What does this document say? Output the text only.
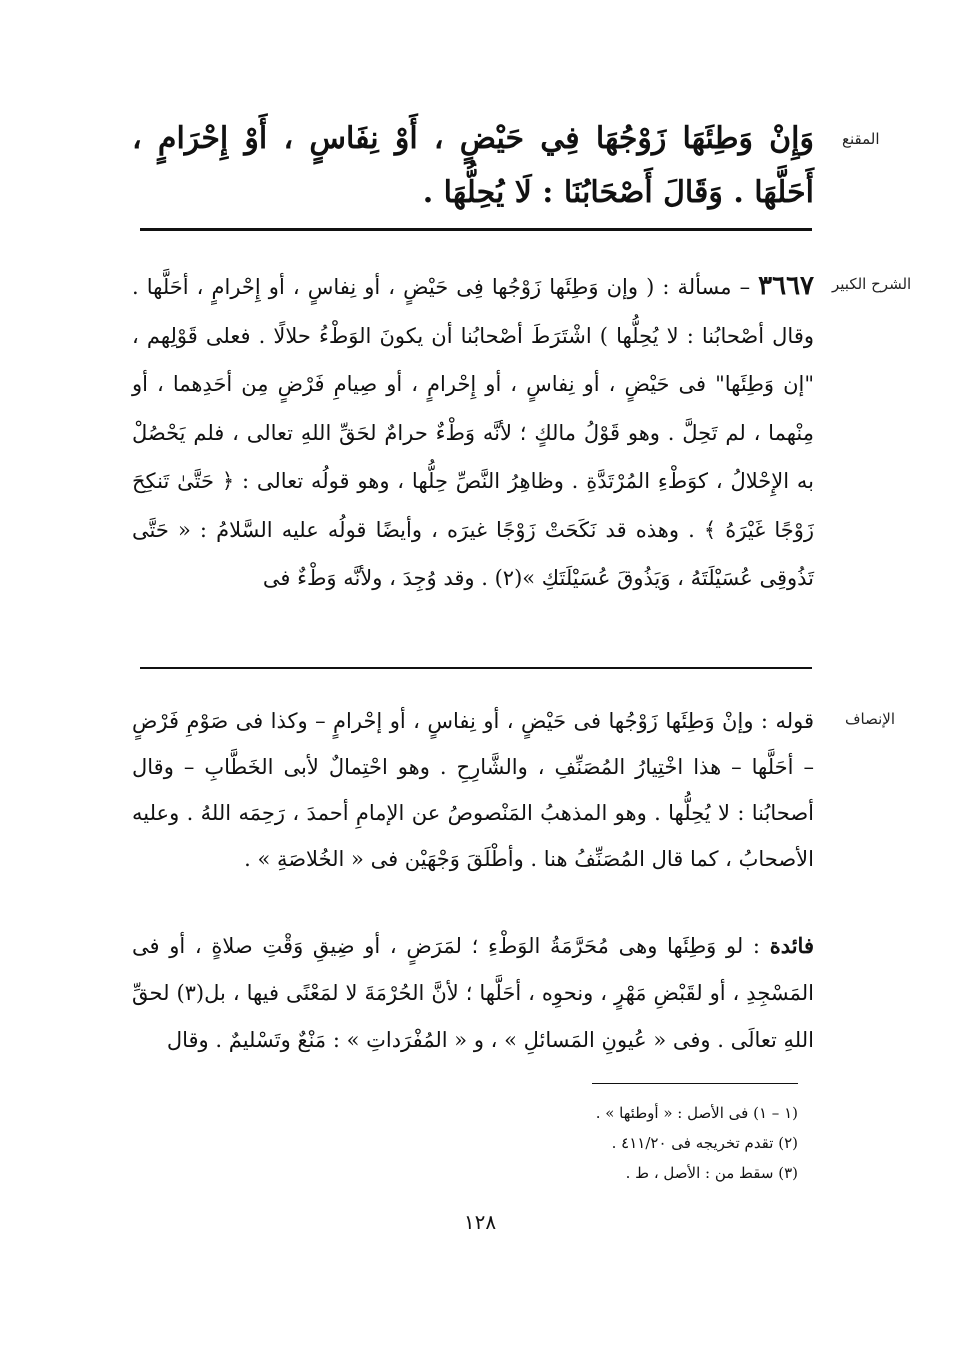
المقنع
وَإِنْ وَطِئَهَا زَوْجُهَا فِي حَيْضٍ ، أَوْ نِفَاسٍ ، أَوْ إِحْرَامٍ ، أَحَلَّهَا . وَقَالَ أَصْحَابُنَا : لَا يُحِلُّهَا .
الشرح الكبير
٣٦٦٧ – مسألة : ( وإن وَطِئَها زَوْجُها فِى حَيْضٍ ، أو نِفاسٍ ، أو إِحْرامٍ ، أحَلَّها . وقال أصْحابُنا : لا يُحِلُّها ) اشْتَرَطَ أصْحابُنا أن يكونَ الوَطْءُ حلالًا . فعلى قَوْلِهم ، "إن وَطِئَها" فى حَيْضٍ ، أو نِفاسٍ ، أو إِحْرامٍ ، أو صِيامِ فَرْضٍ مِن أحَدِهما ، أو مِنْهما ، لم تَحِلَّ . وهو قَوْلُ مالكٍ ؛ لأنَّه وَطْءٌ حرامٌ لحَقِّ اللهِ تعالى ، فلم يَحْصُلْ به الإِحْلالُ ، كوَطْءِ المُرْتَدَّةِ . وظاهِرُ النَّصِّ حِلُّها ، وهو قولُه تعالى : ﴿ حَتَّىٰ تَنكِحَ زَوْجًا غَيْرَهُ ﴾ . وهذه قد نَكَحَتْ زَوْجًا غيرَه ، وأيضًا قولُه عليه السَّلامُ : « حَتَّى تَذُوقِى عُسَيْلَتَهُ ، وَيَذُوقَ عُسَيْلَتَكِ »(٢) . وقد وُجِدَ ، ولأنَّه وَطْءٌ فى
الإنصاف
قوله : وإنْ وَطِئَها زَوْجُها فى حَيْضٍ ، أو نِفاسٍ ، أو إحْرامٍ – وكذا فى صَوْمِ فَرْضٍ – أحَلَّها – هذا اخْتِيارُ المُصَنِّفِ ، والشَّارِحِ . وهو احْتِمالٌ لأبى الخَطَّابِ – وقال أصحابُنا : لا يُحِلُّها . وهو المذهبُ المَنْصوصُ عن الإمامِ أحمدَ ، رَحِمَه اللهُ . وعليه الأصحابُ ، كما قال المُصَنِّفُ هنا . وأطْلَقَ وَجْهَيْن فى « الخُلاصَةِ » .
فائدة : لو وَطِئَها وهى مُحَرَّمَةُ الوَطْءِ ؛ لمَرَضٍ ، أو ضِيقِ وَقْتِ صلاةٍ ، أو فى المَسْجِدِ ، أو لقَبْضِ مَهْرٍ ، ونحوِه ، أحَلَّها ؛ لأنَّ الحُرْمَةَ لا لمَعْنًى فيها ، بل(٣) لحقِّ اللهِ تعالَى . وفى « عُيونِ المَسائلِ » ، و « المُفْرَداتِ » : مَنْعٌ وتَسْليمٌ . وقال
(١ – ١) فى الأصل : « أوطئها » .
(٢) تقدم تخريجه فى ٤١١/٢٠ .
(٣) سقط من : الأصل ، ط .
١٢٨
